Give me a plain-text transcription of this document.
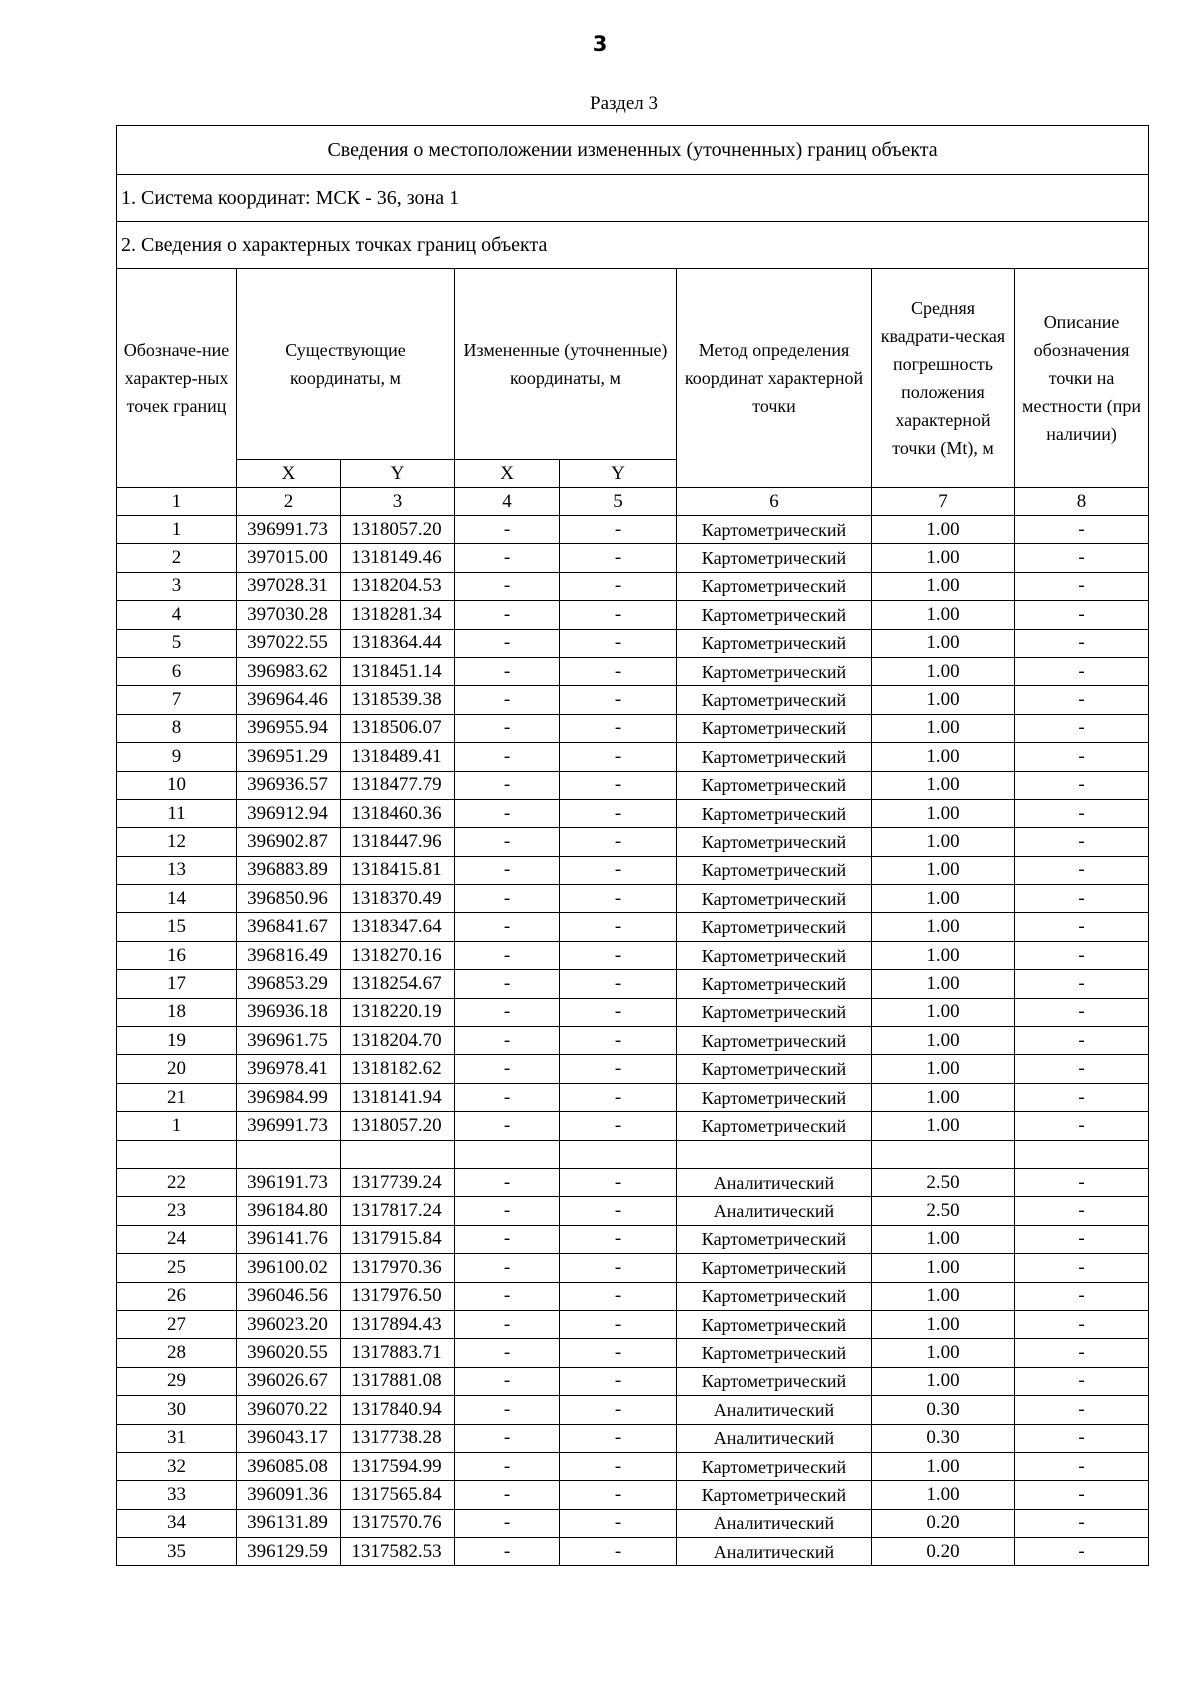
3
Раздел 3
Сведения о местоположении измененных (уточненных) границ объекта							
1. Система координат: МСК - 36, зона 1							
2. Сведения о характерных точках границ объекта							
Обозначе-ние характер-ных точек границ	Существующие координаты, м		Измененные (уточненные) координаты, м		Метод определения координат характерной точки	Средняя квадрати-ческая погрешность положения характерной точки (Mt), м	Описание обозначения точки на местности (при наличии)
	X	Y	X	Y			
1	2	3	4	5	6	7	8
1	396991.73	1318057.20	-	-	Картометрический	1.00	-
2	397015.00	1318149.46	-	-	Картометрический	1.00	-
3	397028.31	1318204.53	-	-	Картометрический	1.00	-
4	397030.28	1318281.34	-	-	Картометрический	1.00	-
5	397022.55	1318364.44	-	-	Картометрический	1.00	-
6	396983.62	1318451.14	-	-	Картометрический	1.00	-
7	396964.46	1318539.38	-	-	Картометрический	1.00	-
8	396955.94	1318506.07	-	-	Картометрический	1.00	-
9	396951.29	1318489.41	-	-	Картометрический	1.00	-
10	396936.57	1318477.79	-	-	Картометрический	1.00	-
11	396912.94	1318460.36	-	-	Картометрический	1.00	-
12	396902.87	1318447.96	-	-	Картометрический	1.00	-
13	396883.89	1318415.81	-	-	Картометрический	1.00	-
14	396850.96	1318370.49	-	-	Картометрический	1.00	-
15	396841.67	1318347.64	-	-	Картометрический	1.00	-
16	396816.49	1318270.16	-	-	Картометрический	1.00	-
17	396853.29	1318254.67	-	-	Картометрический	1.00	-
18	396936.18	1318220.19	-	-	Картометрический	1.00	-
19	396961.75	1318204.70	-	-	Картометрический	1.00	-
20	396978.41	1318182.62	-	-	Картометрический	1.00	-
21	396984.99	1318141.94	-	-	Картометрический	1.00	-
1	396991.73	1318057.20	-	-	Картометрический	1.00	-

22	396191.73	1317739.24	-	-	Аналитический	2.50	-
23	396184.80	1317817.24	-	-	Аналитический	2.50	-
24	396141.76	1317915.84	-	-	Картометрический	1.00	-
25	396100.02	1317970.36	-	-	Картометрический	1.00	-
26	396046.56	1317976.50	-	-	Картометрический	1.00	-
27	396023.20	1317894.43	-	-	Картометрический	1.00	-
28	396020.55	1317883.71	-	-	Картометрический	1.00	-
29	396026.67	1317881.08	-	-	Картометрический	1.00	-
30	396070.22	1317840.94	-	-	Аналитический	0.30	-
31	396043.17	1317738.28	-	-	Аналитический	0.30	-
32	396085.08	1317594.99	-	-	Картометрический	1.00	-
33	396091.36	1317565.84	-	-	Картометрический	1.00	-
34	396131.89	1317570.76	-	-	Аналитический	0.20	-
35	396129.59	1317582.53	-	-	Аналитический	0.20	-
